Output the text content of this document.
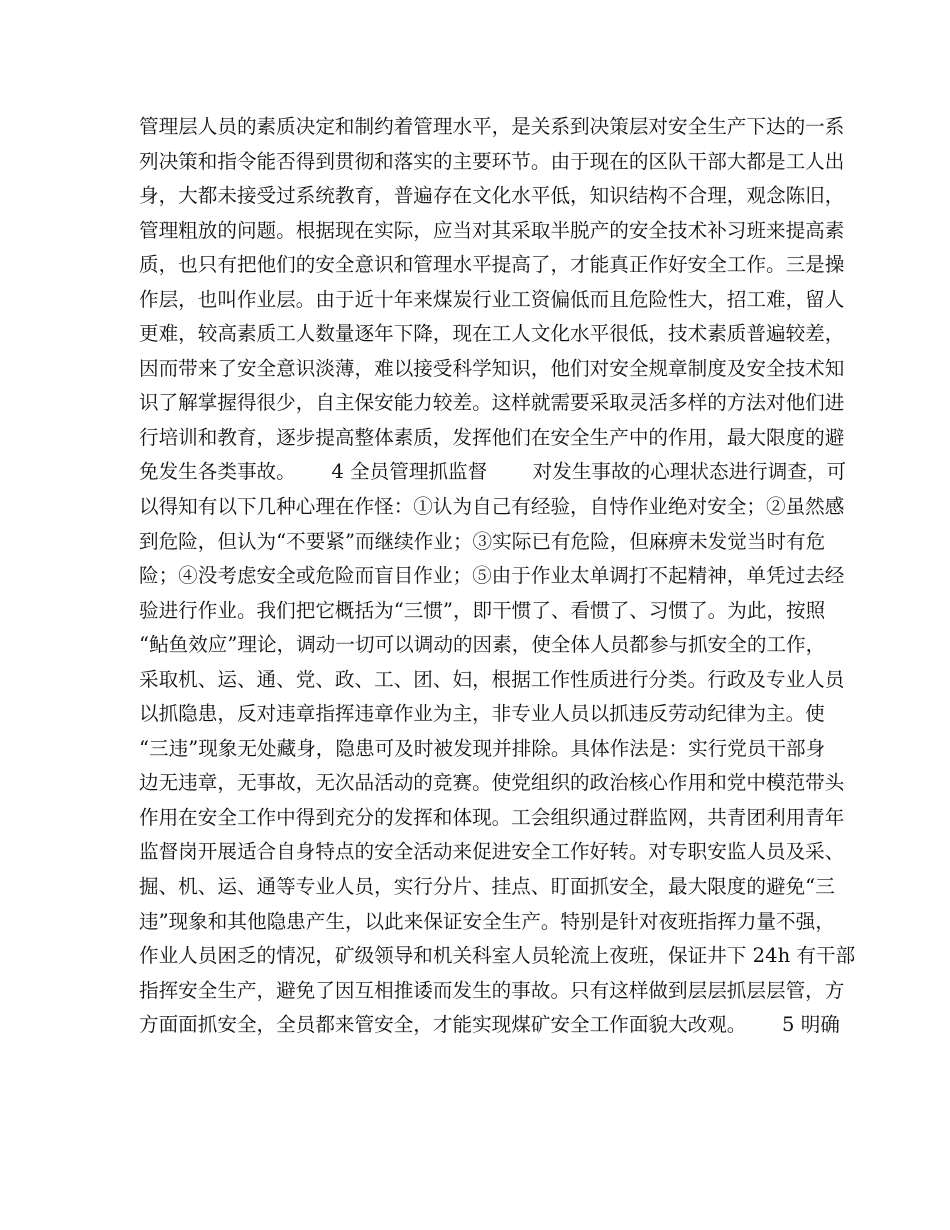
管理层人员的素质决定和制约着管理水平，是关系到决策层对安全生产下达的一系
列决策和指令能否得到贯彻和落实的主要环节。由于现在的区队干部大都是工人出
身，大都未接受过系统教育，普遍存在文化水平低，知识结构不合理，观念陈旧，
管理粗放的问题。根据现在实际，应当对其采取半脱产的安全技术补习班来提高素
质，也只有把他们的安全意识和管理水平提高了，才能真正作好安全工作。三是操
作层，也叫作业层。由于近十年来煤炭行业工资偏低而且危险性大，招工难，留人
更难，较高素质工人数量逐年下降，现在工人文化水平很低，技术素质普遍较差，
因而带来了安全意识淡薄，难以接受科学知识，他们对安全规章制度及安全技术知
识了解掌握得很少，自主保安能力较差。这样就需要采取灵活多样的方法对他们进
行培训和教育，逐步提高整体素质，发挥他们在安全生产中的作用，最大限度的避
免发生各类事故。　　 4 全员管理抓监督　　 对发生事故的心理状态进行调查，可
以得知有以下几种心理在作怪：①认为自己有经验，自恃作业绝对安全；②虽然感
到危险，但认为“不要紧”而继续作业；③实际已有危险，但麻痹未发觉当时有危
险；④没考虑安全或危险而盲目作业；⑤由于作业太单调打不起精神，单凭过去经
验进行作业。我们把它概括为“三惯”，即干惯了、看惯了、习惯了。为此，按照
“鲇鱼效应”理论，调动一切可以调动的因素，使全体人员都参与抓安全的工作，
采取机、运、通、党、政、工、团、妇，根据工作性质进行分类。行政及专业人员
以抓隐患，反对违章指挥违章作业为主，非专业人员以抓违反劳动纪律为主。使
“三违”现象无处藏身，隐患可及时被发现并排除。具体作法是：实行党员干部身
边无违章，无事故，无次品活动的竞赛。使党组织的政治核心作用和党中模范带头
作用在安全工作中得到充分的发挥和体现。工会组织通过群监网，共青团利用青年
监督岗开展适合自身特点的安全活动来促进安全工作好转。对专职安监人员及采、
掘、机、运、通等专业人员，实行分片、挂点、盯面抓安全，最大限度的避免“三
违”现象和其他隐患产生，以此来保证安全生产。特别是针对夜班指挥力量不强，
作业人员困乏的情况，矿级领导和机关科室人员轮流上夜班，保证井下 24h 有干部
指挥安全生产，避免了因互相推诿而发生的事故。只有这样做到层层抓层层管，方
方面面抓安全，全员都来管安全，才能实现煤矿安全工作面貌大改观。　　 5 明确
